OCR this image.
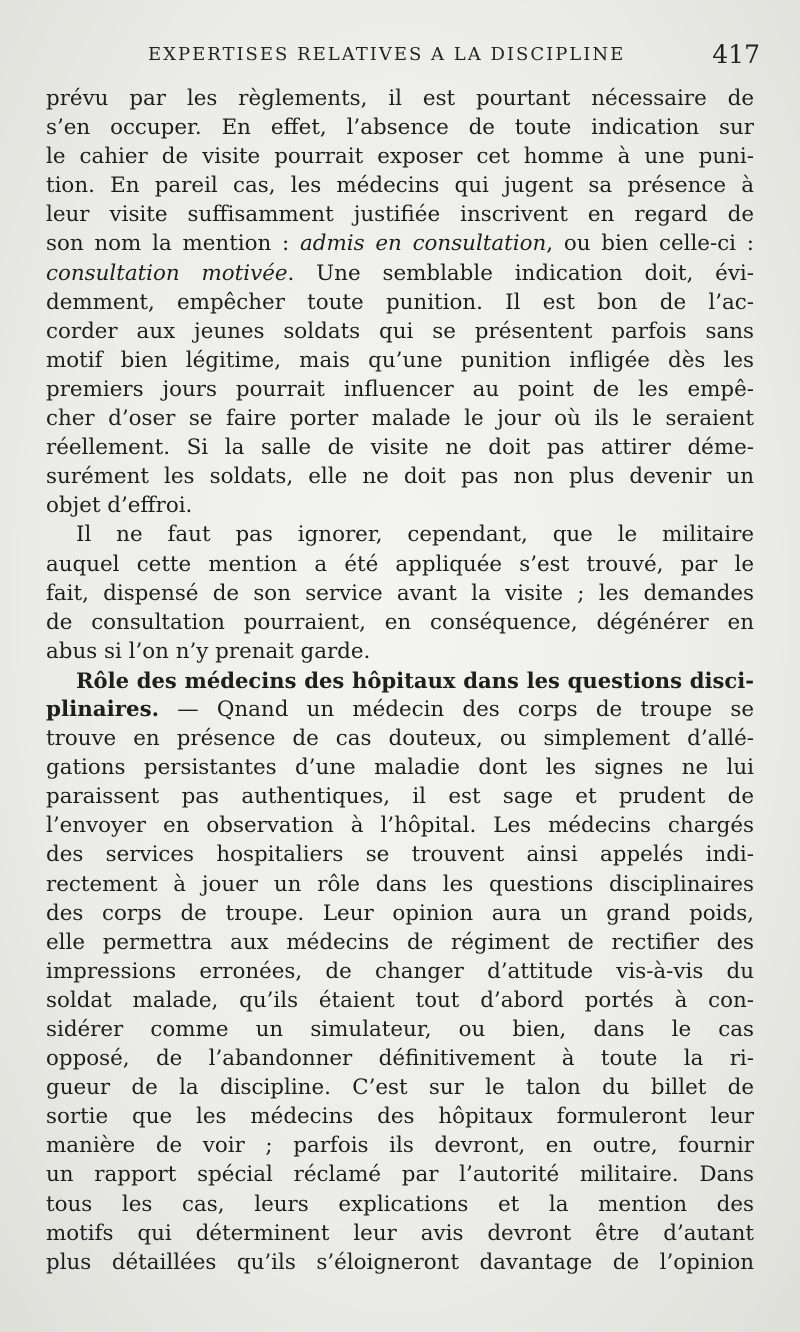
EXPERTISES RELATIVES A LA DISCIPLINE	417
prévu par les règlements, il est pourtant nécessaire de
s’en occuper. En effet, l’absence de toute indication sur
le cahier de visite pourrait exposer cet homme à une puni-
tion. En pareil cas, les médecins qui jugent sa présence à
leur visite suffisamment justifiée inscrivent en regard de
son nom la mention : admis en consultation, ou bien celle-ci :
consultation motivée. Une semblable indication doit, évi-
demment, empêcher toute punition. Il est bon de l’ac-
corder aux jeunes soldats qui se présentent parfois sans
motif bien légitime, mais qu’une punition infligée dès les
premiers jours pourrait influencer au point de les empê-
cher d’oser se faire porter malade le jour où ils le seraient
réellement. Si la salle de visite ne doit pas attirer déme-
surément les soldats, elle ne doit pas non plus devenir un
objet d’effroi.
Il ne faut pas ignorer, cependant, que le militaire
auquel cette mention a été appliquée s’est trouvé, par le
fait, dispensé de son service avant la visite ; les demandes
de consultation pourraient, en conséquence, dégénérer en
abus si l’on n’y prenait garde.
Rôle des médecins des hôpitaux dans les questions disci-
plinaires. — Qnand un médecin des corps de troupe se
trouve en présence de cas douteux, ou simplement d’allé-
gations persistantes d’une maladie dont les signes ne lui
paraissent pas authentiques, il est sage et prudent de
l’envoyer en observation à l’hôpital. Les médecins chargés
des services hospitaliers se trouvent ainsi appelés indi-
rectement à jouer un rôle dans les questions disciplinaires
des corps de troupe. Leur opinion aura un grand poids,
elle permettra aux médecins de régiment de rectifier des
impressions erronées, de changer d’attitude vis-à-vis du
soldat malade, qu’ils étaient tout d’abord portés à con-
sidérer comme un simulateur, ou bien, dans le cas
opposé, de l’abandonner définitivement à toute la ri-
gueur de la discipline. C’est sur le talon du billet de
sortie que les médecins des hôpitaux formuleront leur
manière de voir ; parfois ils devront, en outre, fournir
un rapport spécial réclamé par l’autorité militaire. Dans
tous les cas, leurs explications et la mention des
motifs qui déterminent leur avis devront être d’autant
plus détaillées qu’ils s’éloigneront davantage de l’opinion
